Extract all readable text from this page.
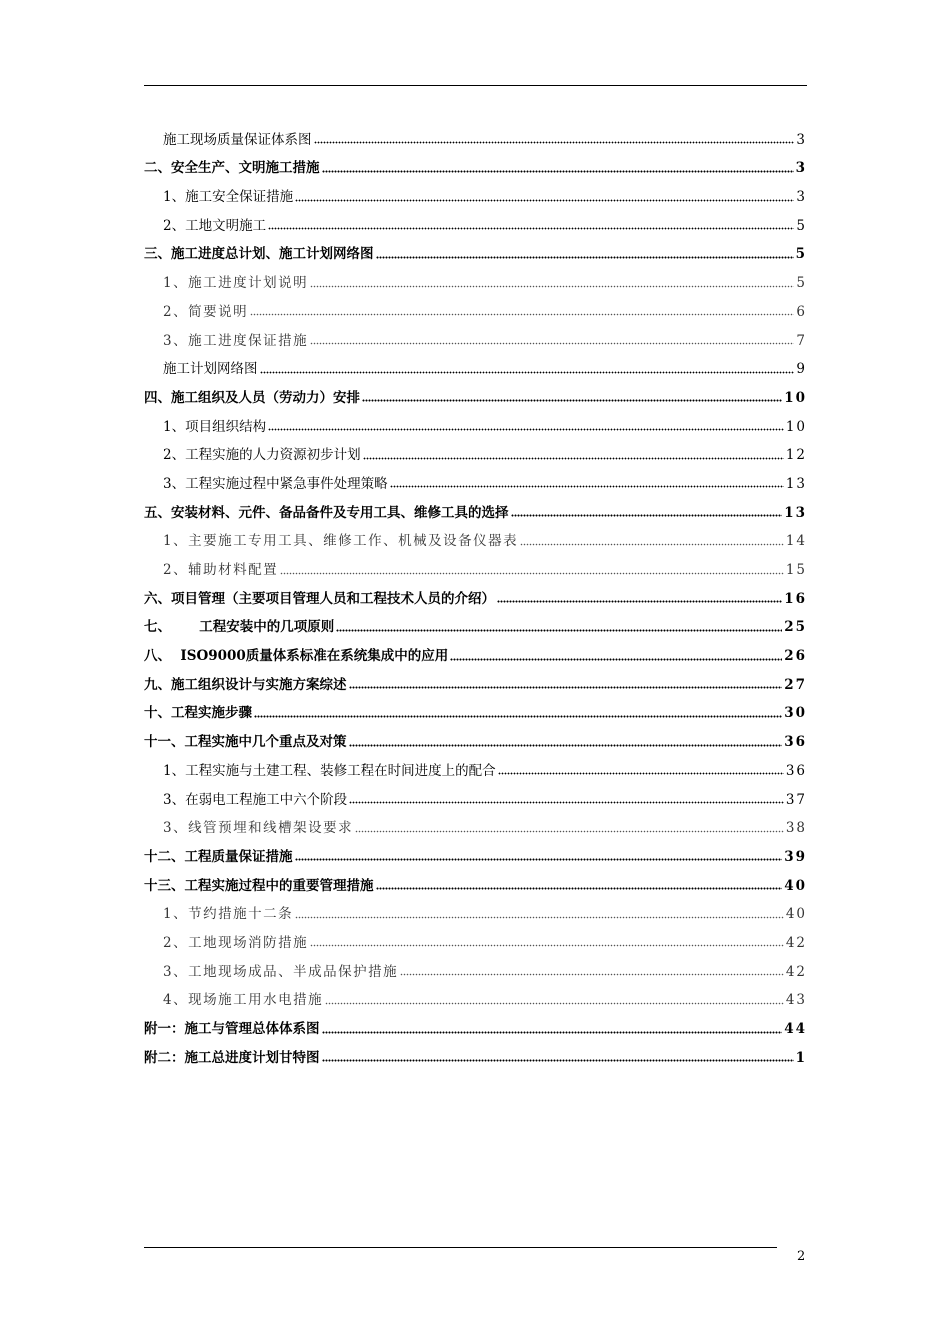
施工现场质量保证体系图	3
二、安全生产、文明施工措施	3
1、施工安全保证措施	3
2、工地文明施工	5
三、施工进度总计划、施工计划网络图	5
1、施工进度计划说明	5
2、简要说明	6
3、施工进度保证措施	7
施工计划网络图	9
四、施工组织及人员（劳动力）安排	10
1、项目组织结构	10
2、工程实施的人力资源初步计划	12
3、工程实施过程中紧急事件处理策略	13
五、安装材料、元件、备品备件及专用工具、维修工具的选择	13
1、主要施工专用工具、维修工作、机械及设备仪器表	14
2、辅助材料配置	15
六、项目管理（主要项目管理人员和工程技术人员的介绍）	16
七、      工程安装中的几项原则	25
八、  ISO9000质量体系标准在系统集成中的应用	26
九、施工组织设计与实施方案综述	27
十、工程实施步骤	30
十一、工程实施中几个重点及对策	36
1、工程实施与土建工程、装修工程在时间进度上的配合	36
3、在弱电工程施工中六个阶段	37
3、线管预埋和线槽架设要求	38
十二、工程质量保证措施	39
十三、工程实施过程中的重要管理措施	40
1、节约措施十二条	40
2、工地现场消防措施	42
3、工地现场成品、半成品保护措施	42
4、现场施工用水电措施	43
附一：施工与管理总体体系图	44
附二：施工总进度计划甘特图	1
2
